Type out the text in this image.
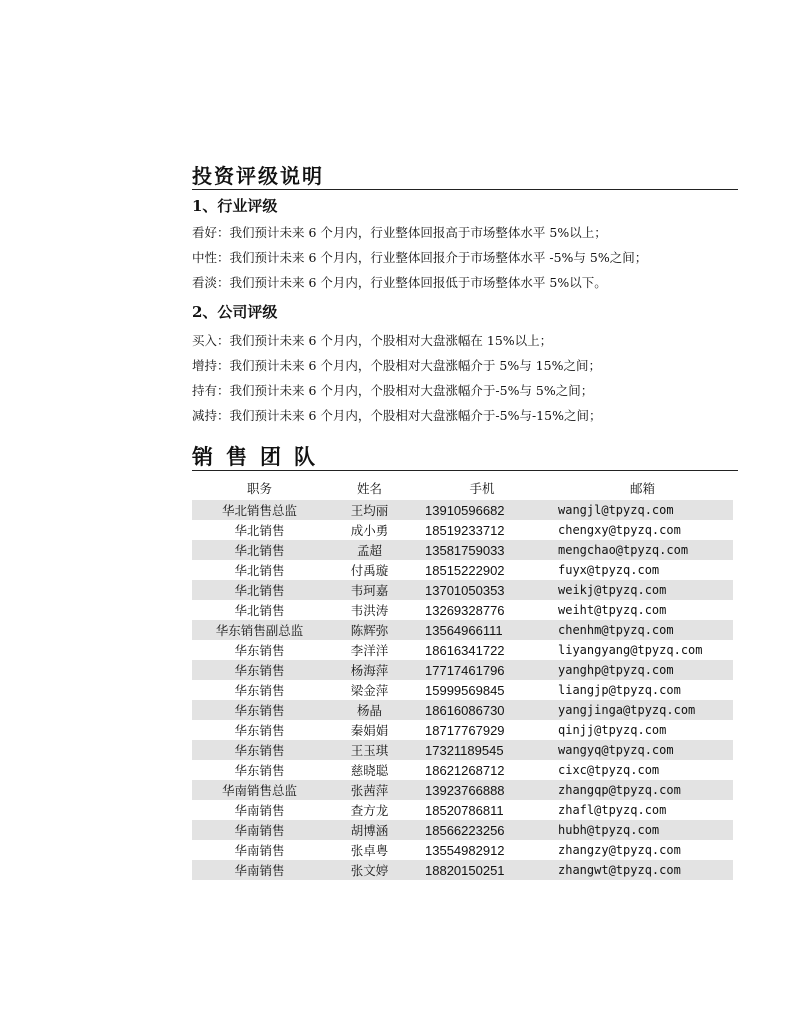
投资评级说明
1、行业评级
看好：我们预计未来 6 个月内，行业整体回报高于市场整体水平 5%以上；
中性：我们预计未来 6 个月内，行业整体回报介于市场整体水平 -5%与 5%之间；
看淡：我们预计未来 6 个月内，行业整体回报低于市场整体水平 5%以下。
2、公司评级
买入：我们预计未来 6 个月内，个股相对大盘涨幅在 15%以上；
增持：我们预计未来 6 个月内，个股相对大盘涨幅介于 5%与 15%之间；
持有：我们预计未来 6 个月内，个股相对大盘涨幅介于-5%与 5%之间；
减持：我们预计未来 6 个月内，个股相对大盘涨幅介于-5%与-15%之间；
销售团队
职务	姓名	手机	邮箱
华北销售总监	王均丽	13910596682	wangjl@tpyzq.com
华北销售	成小勇	18519233712	chengxy@tpyzq.com
华北销售	孟超	13581759033	mengchao@tpyzq.com
华北销售	付禹璇	18515222902	fuyx@tpyzq.com
华北销售	韦珂嘉	13701050353	weikj@tpyzq.com
华北销售	韦洪涛	13269328776	weiht@tpyzq.com
华东销售副总监	陈辉弥	13564966111	chenhm@tpyzq.com
华东销售	李洋洋	18616341722	liyangyang@tpyzq.com
华东销售	杨海萍	17717461796	yanghp@tpyzq.com
华东销售	梁金萍	15999569845	liangjp@tpyzq.com
华东销售	杨晶	18616086730	yangjinga@tpyzq.com
华东销售	秦娟娟	18717767929	qinjj@tpyzq.com
华东销售	王玉琪	17321189545	wangyq@tpyzq.com
华东销售	慈晓聪	18621268712	cixc@tpyzq.com
华南销售总监	张茜萍	13923766888	zhangqp@tpyzq.com
华南销售	查方龙	18520786811	zhafl@tpyzq.com
华南销售	胡博涵	18566223256	hubh@tpyzq.com
华南销售	张卓粤	13554982912	zhangzy@tpyzq.com
华南销售	张文婷	18820150251	zhangwt@tpyzq.com
